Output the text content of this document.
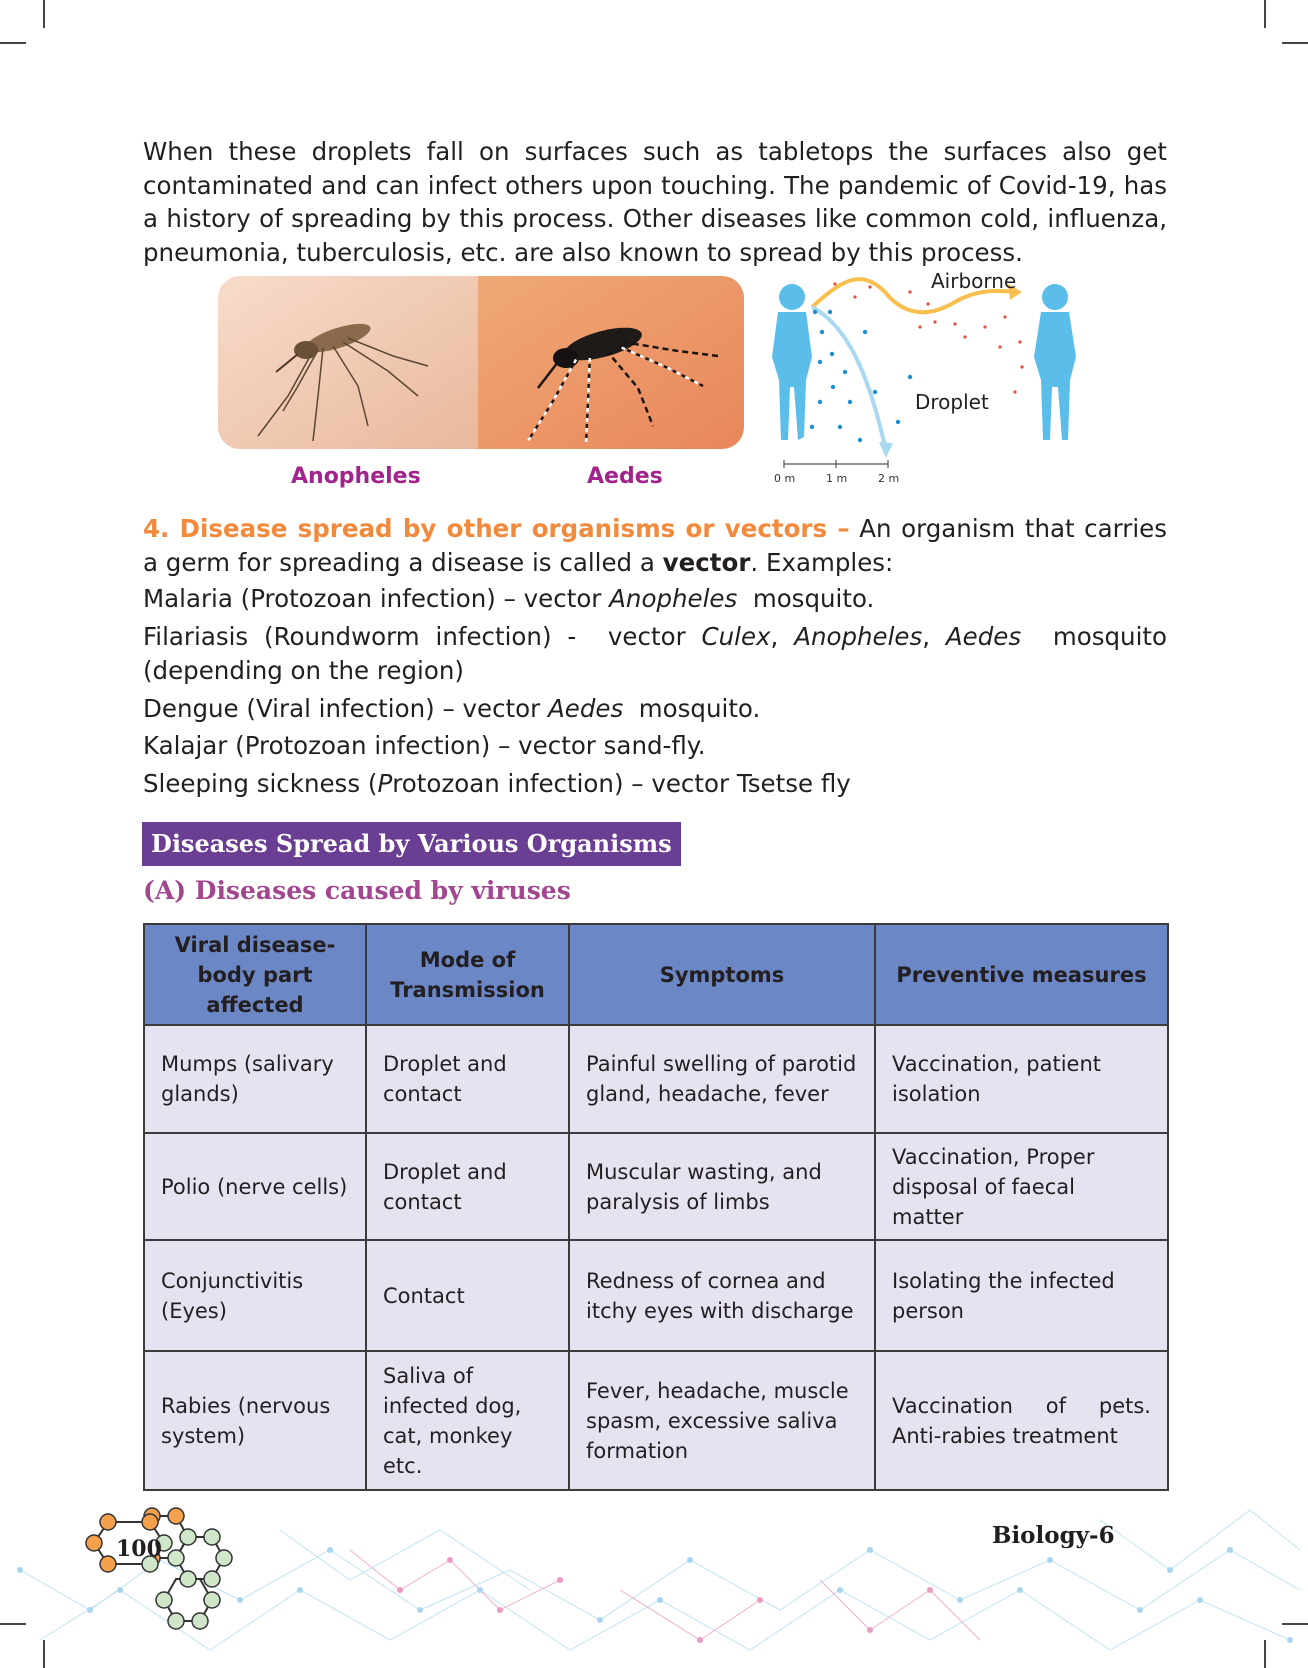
When these droplets fall on surfaces such as tabletops the surfaces also get contaminated and can infect others upon touching. The pandemic of Covid-19, has a history of spreading by this process. Other diseases like common cold, influenza, pneumonia, tuberculosis, etc. are also known to spread by this process.
Anopheles	Aedes	0 m	1 m	2 m
Airborne
Droplet
4. Disease spread by other organisms or vectors – An organism that carries a germ for spreading a disease is called a vector. Examples:
Malaria (Protozoan infection) – vector Anopheles  mosquito.
Filariasis (Roundworm infection) -  vector Culex, Anopheles, Aedes  mosquito (depending on the region)
Dengue (Viral infection) – vector Aedes  mosquito.
Kalajar (Protozoan infection) – vector sand-fly.
Sleeping sickness (Protozoan infection) – vector Tsetse fly
Diseases Spread by Various Organisms
(A) Diseases caused by viruses
Viral disease-body part affected	Mode of Transmission	Symptoms	Preventive measures
Mumps (salivary glands)	Droplet and contact	Painful swelling of parotid gland, headache, fever	Vaccination, patient isolation
Polio (nerve cells)	Droplet and contact	Muscular wasting, and paralysis of limbs	Vaccination, Proper disposal of faecal matter
Conjunctivitis (Eyes)	Contact	Redness of cornea and itchy eyes with discharge	Isolating the infected person
Rabies (nervous system)	Saliva of infected dog, cat, monkey etc.	Fever, headache, muscle spasm, excessive saliva formation	Vaccination of pets. Anti-rabies treatment
100	Biology-6
